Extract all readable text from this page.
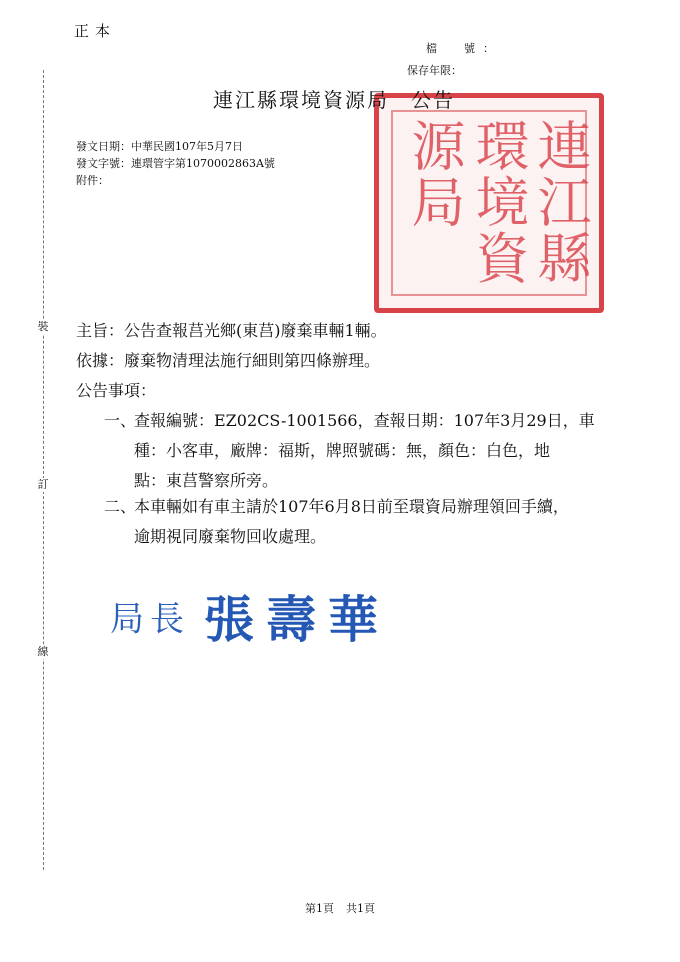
正本
檔　號：
保存年限：
連江縣
環境資
源局
連江縣環境資源局 公告
發文日期：中華民國107年5月7日
發文字號：連環管字第1070002863A號
附件：
裝
訂
線
主旨：公告查報莒光鄉(東莒)廢棄車輛1輛。
依據：廢棄物清理法施行細則第四條辦理。
公告事項：
一、
查報編號：EZ02CS-1001566，查報日期：107年3月29日，車
種：小客車，廠牌：福斯，牌照號碼：無，顏色：白色，地
點：東莒警察所旁。
二、
本車輛如有車主請於107年6月8日前至環資局辦理領回手續，
逾期視同廢棄物回收處理。
局長 張壽華
第1頁 共1頁
